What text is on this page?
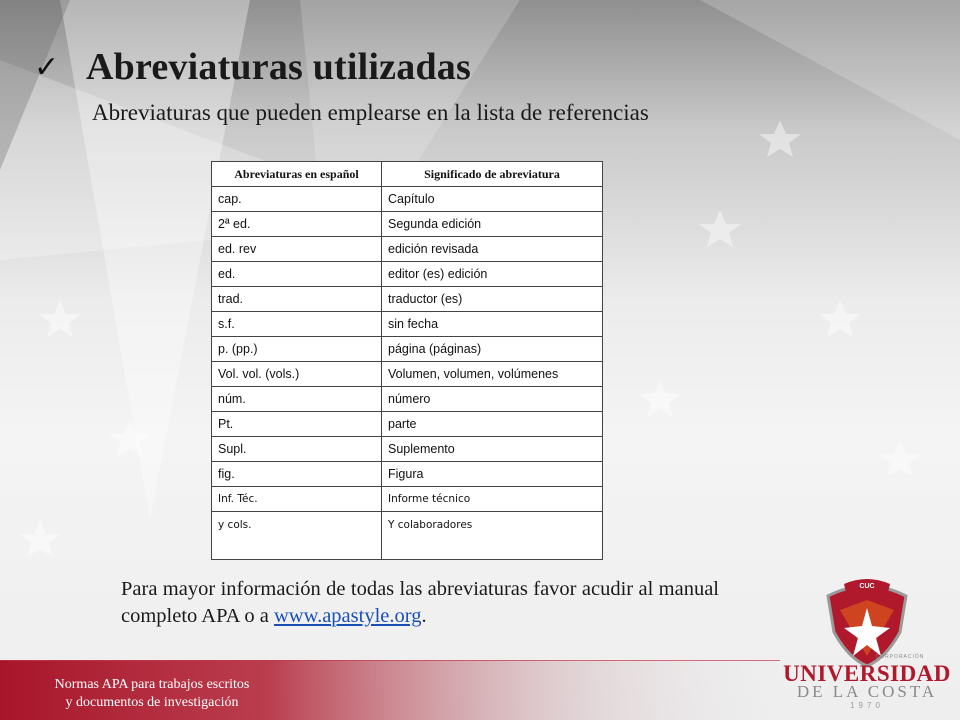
✓ Abreviaturas utilizadas
Abreviaturas que pueden emplearse en la lista de referencias
Abreviaturas en español	Significado de abreviatura
cap.	Capítulo
2ª ed.	Segunda edición
ed. rev	edición revisada
ed.	editor (es) edición
trad.	traductor (es)
s.f.	sin fecha
p. (pp.)	página (páginas)
Vol. vol. (vols.)	Volumen, volumen, volúmenes
núm.	número
Pt.	parte
Supl.	Suplemento
fig.	Figura
Inf. Téc.	Informe técnico
y cols.	Y colaboradores
Para mayor información de todas las abreviaturas favor acudir al manual completo APA o a www.apastyle.org.
Normas APA para trabajos escritos
y documentos de investigación
CUC
CORPORACIÓN
UNIVERSIDAD
DE LA COSTA
1970
